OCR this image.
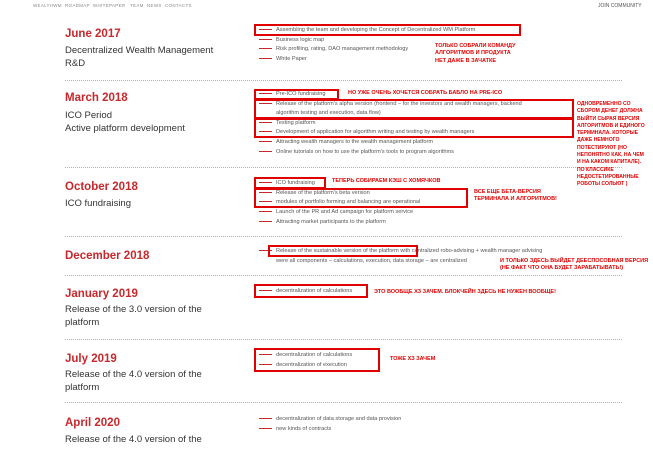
WEALTHWM ROADMAP WHITEPAPER TEAM NEWS CONTACTS	JOIN COMMUNITY
June 2017
Decentralized Wealth Management
R&D
Assembling the team and developing the Concept of Decentralized WM Platform
Business logic map
Risk profiling, rating, DAO management methodology
White Paper
March 2018
ICO Period
Active platform development
Pre-ICO fundraising
Release of the platform's alpha version (frontend – for the investors and wealth managers, backend
algorithm testing and execution, data flow)
Testing platform
Development of application for algorithm writing and testing by wealth managers
Attracting wealth managers to the wealth management platform
Online tutorials on how to use the platform's tools to program algorithms
October 2018
ICO fundraising
ICO fundraising
Release of the platform's beta version
modules of portfolio forming and balancing are operational
Launch of the PR and Ad campaign for platform service
Attracting market participants to the platform
December 2018	Release of the sustainable version of the platform with centralized robo-advising + wealth manager advising
were all components – calculations, execution, data storage – are centralized
January 2019
Release of the 3.0 version of the
platform
decentralization of calculations
July 2019
Release of the 4.0 version of the
platform
decentralization of calculations
decentralization of execution
April 2020
Release of the 4.0 version of the
decentralization of data storage and data provision
new kinds of contracts
ТОЛЬКО СОБРАЛИ КОМАНДУ
АЛГОРИТМОВ И ПРОДУКТА
НЕТ ДАЖЕ В ЗАЧАТКЕ
НО УЖЕ ОЧЕНЬ ХОЧЕТСЯ СОБРАТЬ БАБЛО НА PRE-ICO
ОДНОВРЕМЕННО СО
СБОРОМ ДЕНЕГ ДОЛЖНА
ВЫЙТИ СЫРАЯ ВЕРСИЯ
АЛГОРИТМОВ И ЕДИНОГО
ТЕРМИНАЛА. КОТОРЫЕ
ДАЖЕ НЕМНОГО
ПОТЕСТИРУЮТ (НО
НЕПОНЯТНО КАК, НА ЧЕМ
И НА КАКОМ КАПИТАЛЕ).
ПО КЛАССИКЕ
НЕДОСТЕТИРОВАННЫЕ
РОБОТЫ СОЛЬЮТ )
ТЕПЕРЬ СОБИРАЕМ КЭШ С ХОМЯЧКОВ
ВСЕ ЕЩЕ БЕТА-ВЕРСИЯ
ТЕРМИНАЛА И АЛГОРИТМОВ!
И ТОЛЬКО ЗДЕСЬ ВЫЙДЕТ ДЕЕСПОСОБНАЯ ВЕРСИЯ
(НЕ ФАКТ ЧТО ОНА БУДЕТ ЗАРАБАТЫВАТЬ!)
ЭТО ВООБЩЕ ХЗ ЗАЧЕМ. БЛОКЧЕЙН ЗДЕСЬ НЕ НУЖЕН ВООБЩЕ!
ТОЖЕ ХЗ ЗАЧЕМ
